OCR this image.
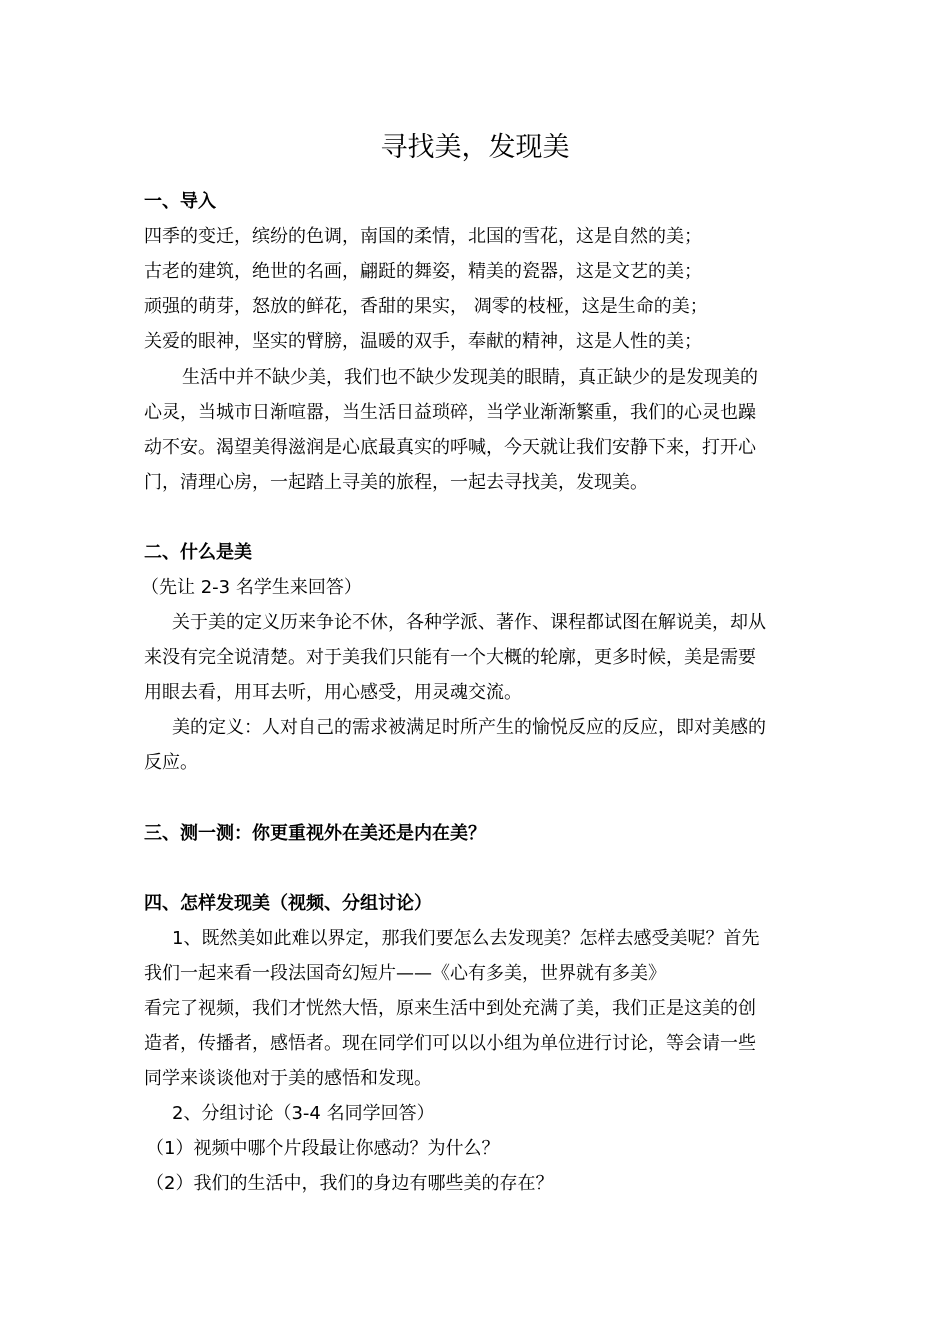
寻找美，发现美
一、导入
四季的变迁，缤纷的色调，南国的柔情，北国的雪花，这是自然的美；
古老的建筑，绝世的名画，翩跹的舞姿，精美的瓷器，这是文艺的美；
顽强的萌芽，怒放的鲜花，香甜的果实， 凋零的枝桠，这是生命的美；
关爱的眼神，坚实的臂膀，温暖的双手，奉献的精神，这是人性的美；
生活中并不缺少美，我们也不缺少发现美的眼睛，真正缺少的是发现美的
心灵，当城市日渐喧嚣，当生活日益琐碎，当学业渐渐繁重，我们的心灵也躁
动不安。渴望美得滋润是心底最真实的呼喊，今天就让我们安静下来，打开心
门，清理心房，一起踏上寻美的旅程，一起去寻找美，发现美。
二、什么是美
（先让 2-3 名学生来回答）
关于美的定义历来争论不休，各种学派、著作、课程都试图在解说美，却从
来没有完全说清楚。对于美我们只能有一个大概的轮廓，更多时候，美是需要
用眼去看，用耳去听，用心感受，用灵魂交流。
美的定义：人对自己的需求被满足时所产生的愉悦反应的反应，即对美感的
反应。
三、测一测：你更重视外在美还是内在美？
四、怎样发现美（视频、分组讨论）
1、既然美如此难以界定，那我们要怎么去发现美？怎样去感受美呢？首先
我们一起来看一段法国奇幻短片——《心有多美，世界就有多美》
看完了视频，我们才恍然大悟，原来生活中到处充满了美，我们正是这美的创
造者，传播者，感悟者。现在同学们可以以小组为单位进行讨论，等会请一些
同学来谈谈他对于美的感悟和发现。
2、分组讨论（3-4 名同学回答）
（1）视频中哪个片段最让你感动？为什么？
（2）我们的生活中，我们的身边有哪些美的存在？
